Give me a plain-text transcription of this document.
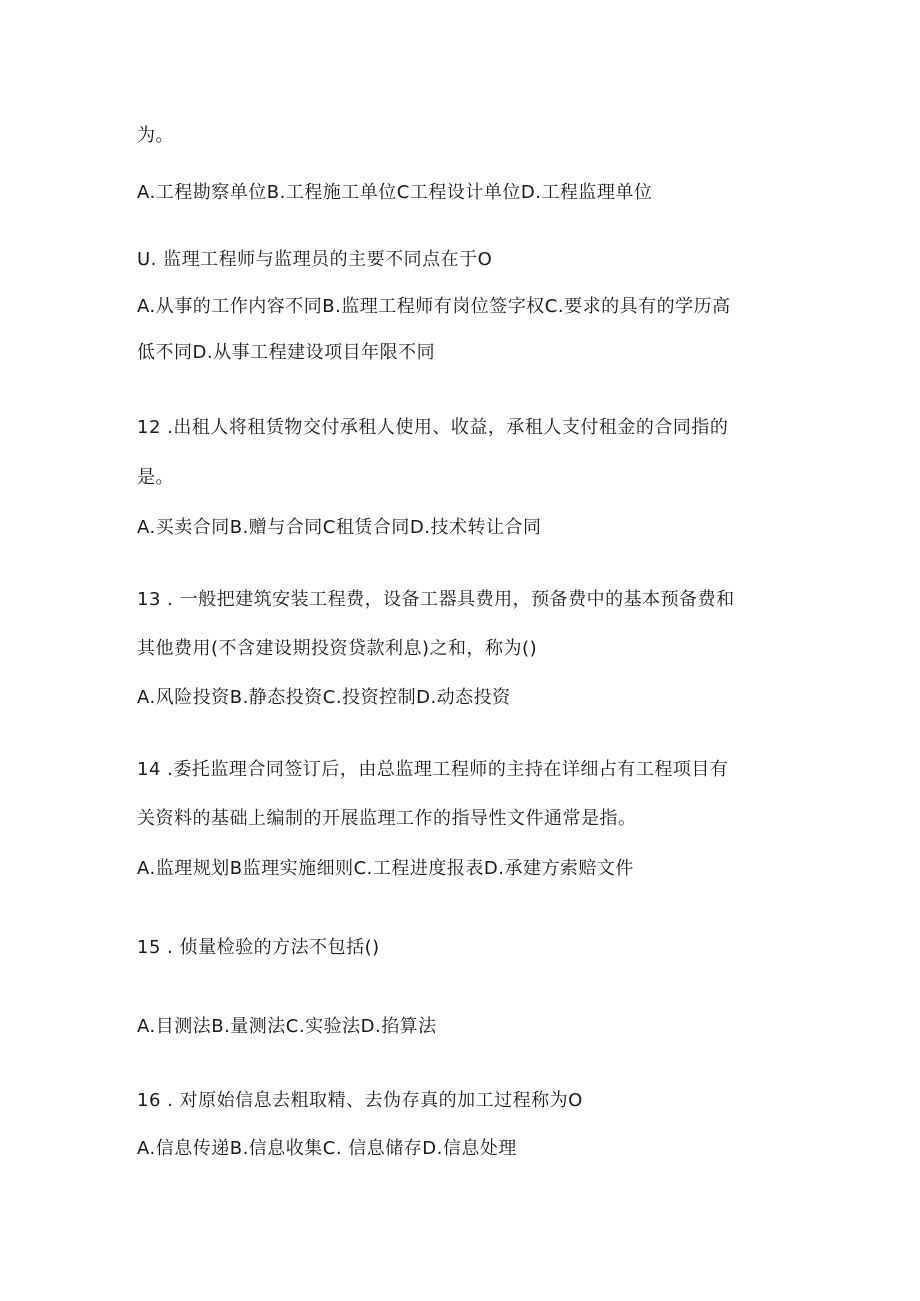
为。

A.工程勘察单位B.工程施工单位C工程设计单位D.工程监理单位

U. 监理工程师与监理员的主要不同点在于O

A.从事的工作内容不同B.监理工程师有岗位签字权C.要求的具有的学历高

低不同D.从事工程建设项目年限不同

12 .出租人将租赁物交付承租人使用、收益，承租人支付租金的合同指的

是。

A.买卖合同B.赠与合同C租赁合同D.技术转让合同

13 . 一般把建筑安装工程费，设备工器具费用，预备费中的基本预备费和

其他费用(不含建设期投资贷款利息)之和，称为()

A.风险投资B.静态投资C.投资控制D.动态投资

14 .委托监理合同签订后，由总监理工程师的主持在详细占有工程项目有

关资料的基础上编制的开展监理工作的指导性文件通常是指。

A.监理规划B监理实施细则C.工程进度报表D.承建方索赔文件

15 . 侦量检验的方法不包括()

A.目测法B.量测法C.实验法D.掐算法

16 . 对原始信息去粗取精、去伪存真的加工过程称为O

A.信息传递B.信息收集C. 信息储存D.信息处理
